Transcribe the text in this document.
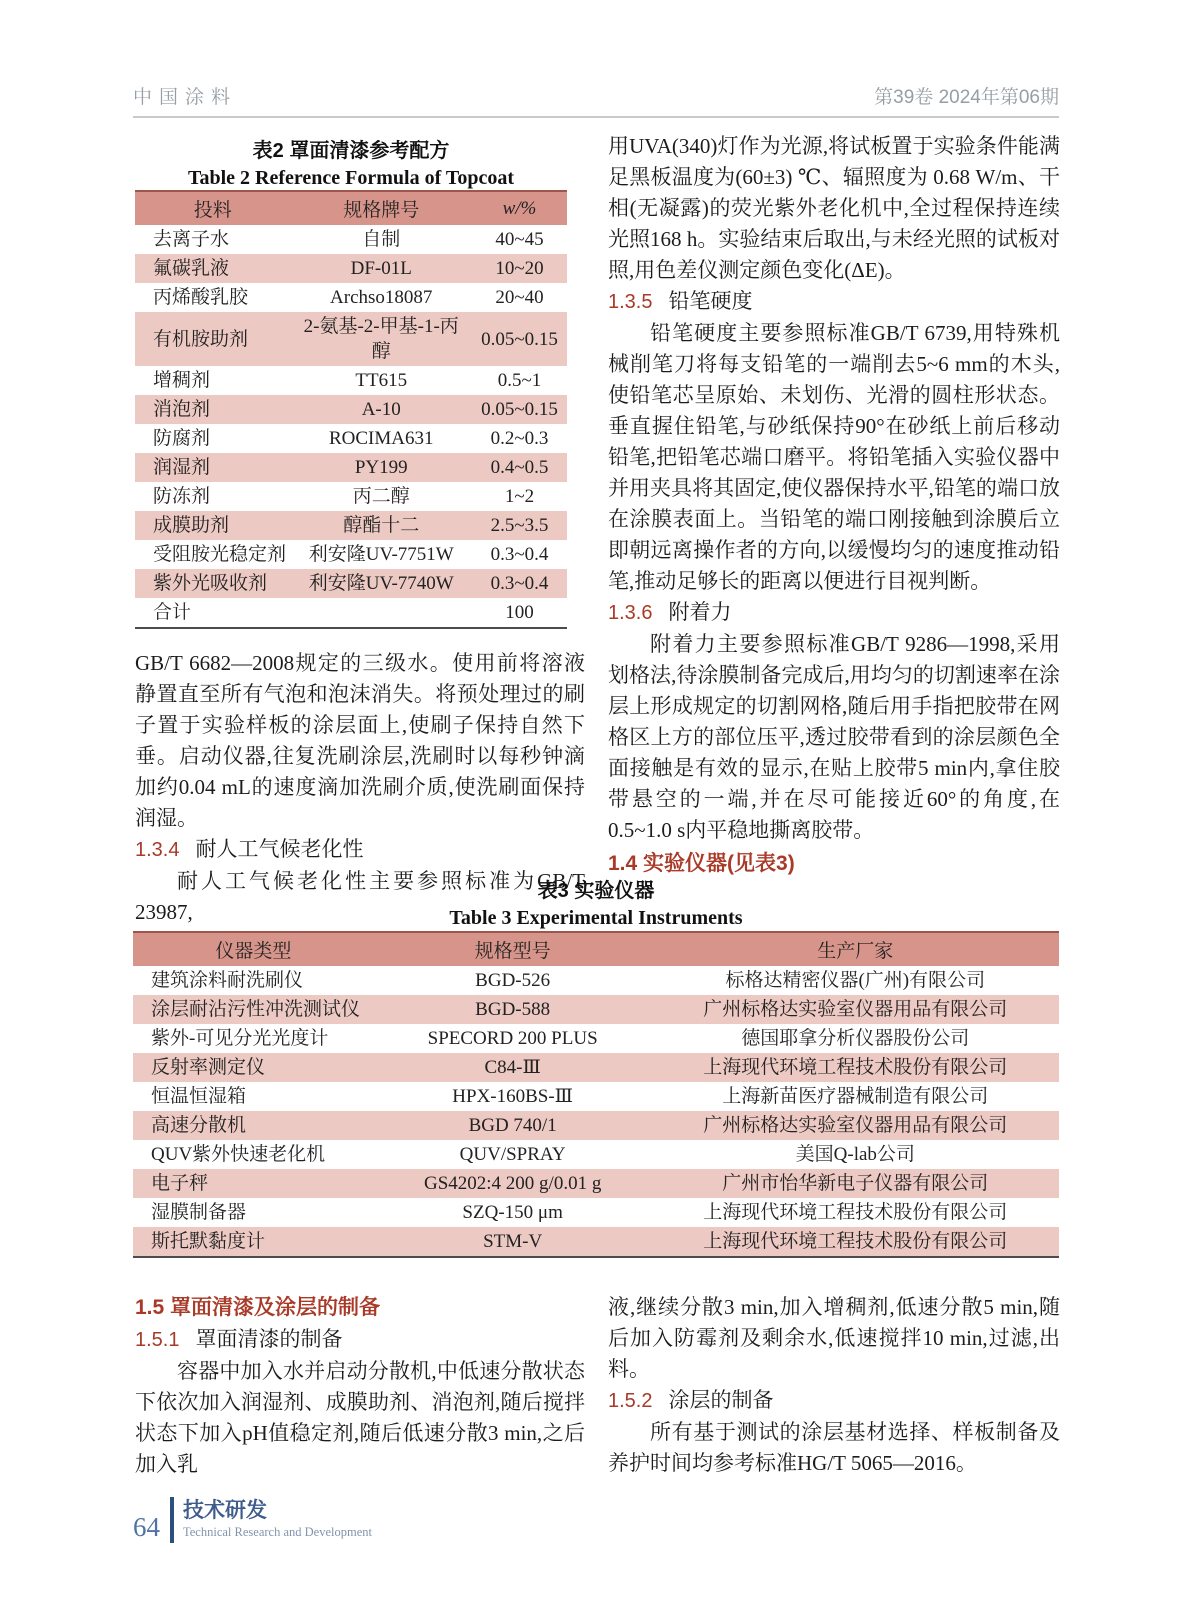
中国涂料	第39卷 2024年第06期

表2 罩面清漆参考配方

Table 2 Reference Formula of Topcoat

投料	规格牌号	w/%
去离子水	自制	40~45
氟碳乳液	DF-01L	10~20
丙烯酸乳胶	Archso18087	20~40
有机胺助剂	2-氨基-2-甲基-1-丙醇	0.05~0.15
增稠剂	TT615	0.5~1
消泡剂	A-10	0.05~0.15
防腐剂	ROCIMA631	0.2~0.3
润湿剂	PY199	0.4~0.5
防冻剂	丙二醇	1~2
成膜助剂	醇酯十二	2.5~3.5
受阻胺光稳定剂	利安隆UV-7751W	0.3~0.4
紫外光吸收剂	利安隆UV-7740W	0.3~0.4
合计		100

GB/T 6682—2008规定的三级水。使用前将溶液静置直至所有气泡和泡沫消失。将预处理过的刷子置于实验样板的涂层面上,使刷子保持自然下垂。启动仪器,往复洗刷涂层,洗刷时以每秒钟滴加约0.04 mL的速度滴加洗刷介质,使洗刷面保持润湿。

1.3.4 耐人工气候老化性

耐人工气候老化性主要参照标准为GB/T 23987,

用UVA(340)灯作为光源,将试板置于实验条件能满足黑板温度为(60±3) ℃、辐照度为 0.68 W/m、干相(无凝露)的荧光紫外老化机中,全过程保持连续光照168 h。实验结束后取出,与未经光照的试板对照,用色差仪测定颜色变化(ΔE)。

1.3.5 铅笔硬度

铅笔硬度主要参照标准GB/T 6739,用特殊机械削笔刀将每支铅笔的一端削去5~6 mm的木头,使铅笔芯呈原始、未划伤、光滑的圆柱形状态。垂直握住铅笔,与砂纸保持90°在砂纸上前后移动铅笔,把铅笔芯端口磨平。将铅笔插入实验仪器中并用夹具将其固定,使仪器保持水平,铅笔的端口放在涂膜表面上。当铅笔的端口刚接触到涂膜后立即朝远离操作者的方向,以缓慢均匀的速度推动铅笔,推动足够长的距离以便进行目视判断。

1.3.6 附着力

附着力主要参照标准GB/T 9286—1998,采用划格法,待涂膜制备完成后,用均匀的切割速率在涂层上形成规定的切割网格,随后用手指把胶带在网格区上方的部位压平,透过胶带看到的涂层颜色全面接触是有效的显示,在贴上胶带5 min内,拿住胶带悬空的一端,并在尽可能接近60°的角度,在0.5~1.0 s内平稳地撕离胶带。

1.4 实验仪器(见表3)

表3 实验仪器

Table 3 Experimental Instruments

仪器类型	规格型号	生产厂家
建筑涂料耐洗刷仪	BGD-526	标格达精密仪器(广州)有限公司
涂层耐沾污性冲洗测试仪	BGD-588	广州标格达实验室仪器用品有限公司
紫外-可见分光光度计	SPECORD 200 PLUS	德国耶拿分析仪器股份公司
反射率测定仪	C84-Ⅲ	上海现代环境工程技术股份有限公司
恒温恒湿箱	HPX-160BS-Ⅲ	上海新苗医疗器械制造有限公司
高速分散机	BGD 740/1	广州标格达实验室仪器用品有限公司
QUV紫外快速老化机	QUV/SPRAY	美国Q-lab公司
电子秤	GS4202:4 200 g/0.01 g	广州市怡华新电子仪器有限公司
湿膜制备器	SZQ-150 μm	上海现代环境工程技术股份有限公司
斯托默黏度计	STM-V	上海现代环境工程技术股份有限公司

1.5 罩面清漆及涂层的制备

1.5.1 罩面清漆的制备

容器中加入水并启动分散机,中低速分散状态下依次加入润湿剂、成膜助剂、消泡剂,随后搅拌状态下加入pH值稳定剂,随后低速分散3 min,之后加入乳

液,继续分散3 min,加入增稠剂,低速分散5 min,随后加入防霉剂及剩余水,低速搅拌10 min,过滤,出料。

1.5.2 涂层的制备

所有基于测试的涂层基材选择、样板制备及养护时间均参考标准HG/T 5065—2016。

64
技术研发
Technical Research and Development
